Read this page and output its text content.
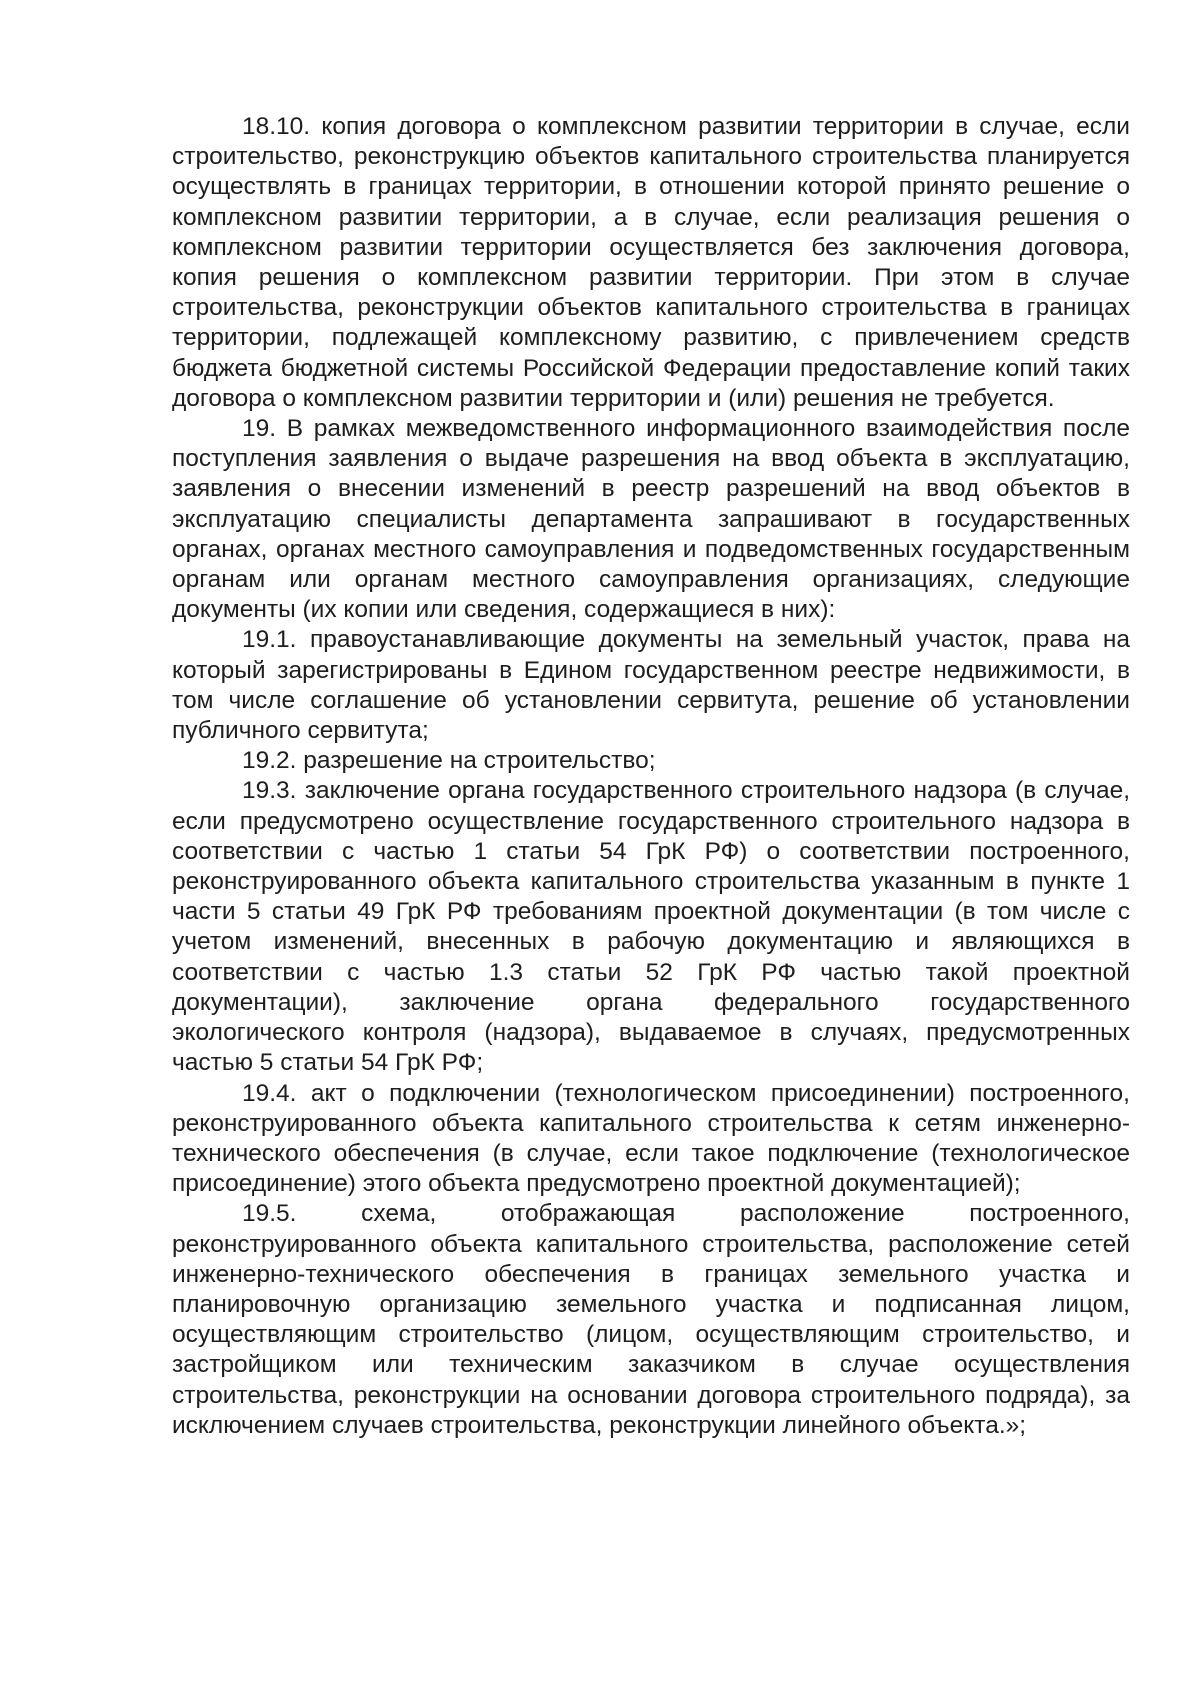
18.10. копия договора о комплексном развитии территории в случае, если строительство, реконструкцию объектов капитального строительства планируется осуществлять в границах территории, в отношении которой принято решение о комплексном развитии территории, а в случае, если реализация решения о комплексном развитии территории осуществляется без заключения договора, копия решения о комплексном развитии территории. При этом в случае строительства, реконструкции объектов капитального строительства в границах территории, подлежащей комплексному развитию, с привлечением средств бюджета бюджетной системы Российской Федерации предоставление копий таких договора о комплексном развитии территории и (или) решения не требуется.

19. В рамках межведомственного информационного взаимодействия после поступления заявления о выдаче разрешения на ввод объекта в эксплуатацию, заявления о внесении изменений в реестр разрешений на ввод объектов в эксплуатацию специалисты департамента запрашивают в государственных органах, органах местного самоуправления и подведомственных государственным органам или органам местного самоуправления организациях, следующие документы (их копии или сведения, содержащиеся в них):

19.1. правоустанавливающие документы на земельный участок, права на который зарегистрированы в Едином государственном реестре недвижимости, в том числе соглашение об установлении сервитута, решение об установлении публичного сервитута;

19.2. разрешение на строительство;

19.3. заключение органа государственного строительного надзора (в случае, если предусмотрено осуществление государственного строительного надзора в соответствии с частью 1 статьи 54 ГрК РФ) о соответствии построенного, реконструированного объекта капитального строительства указанным в пункте 1 части 5 статьи 49 ГрК РФ требованиям проектной документации (в том числе с учетом изменений, внесенных в рабочую документацию и являющихся в соответствии с частью 1.3 статьи 52 ГрК РФ частью такой проектной документации), заключение органа федерального государственного экологического контроля (надзора), выдаваемое в случаях, предусмотренных частью 5 статьи 54 ГрК РФ;

19.4. акт о подключении (технологическом присоединении) построенного, реконструированного объекта капитального строительства к сетям инженерно-технического обеспечения (в случае, если такое подключение (технологическое присоединение) этого объекта предусмотрено проектной документацией);

19.5. схема, отображающая расположение построенного, реконструированного объекта капитального строительства, расположение сетей инженерно-технического обеспечения в границах земельного участка и планировочную организацию земельного участка и подписанная лицом, осуществляющим строительство (лицом, осуществляющим строительство, и застройщиком или техническим заказчиком в случае осуществления строительства, реконструкции на основании договора строительного подряда), за исключением случаев строительства, реконструкции линейного объекта.»;
